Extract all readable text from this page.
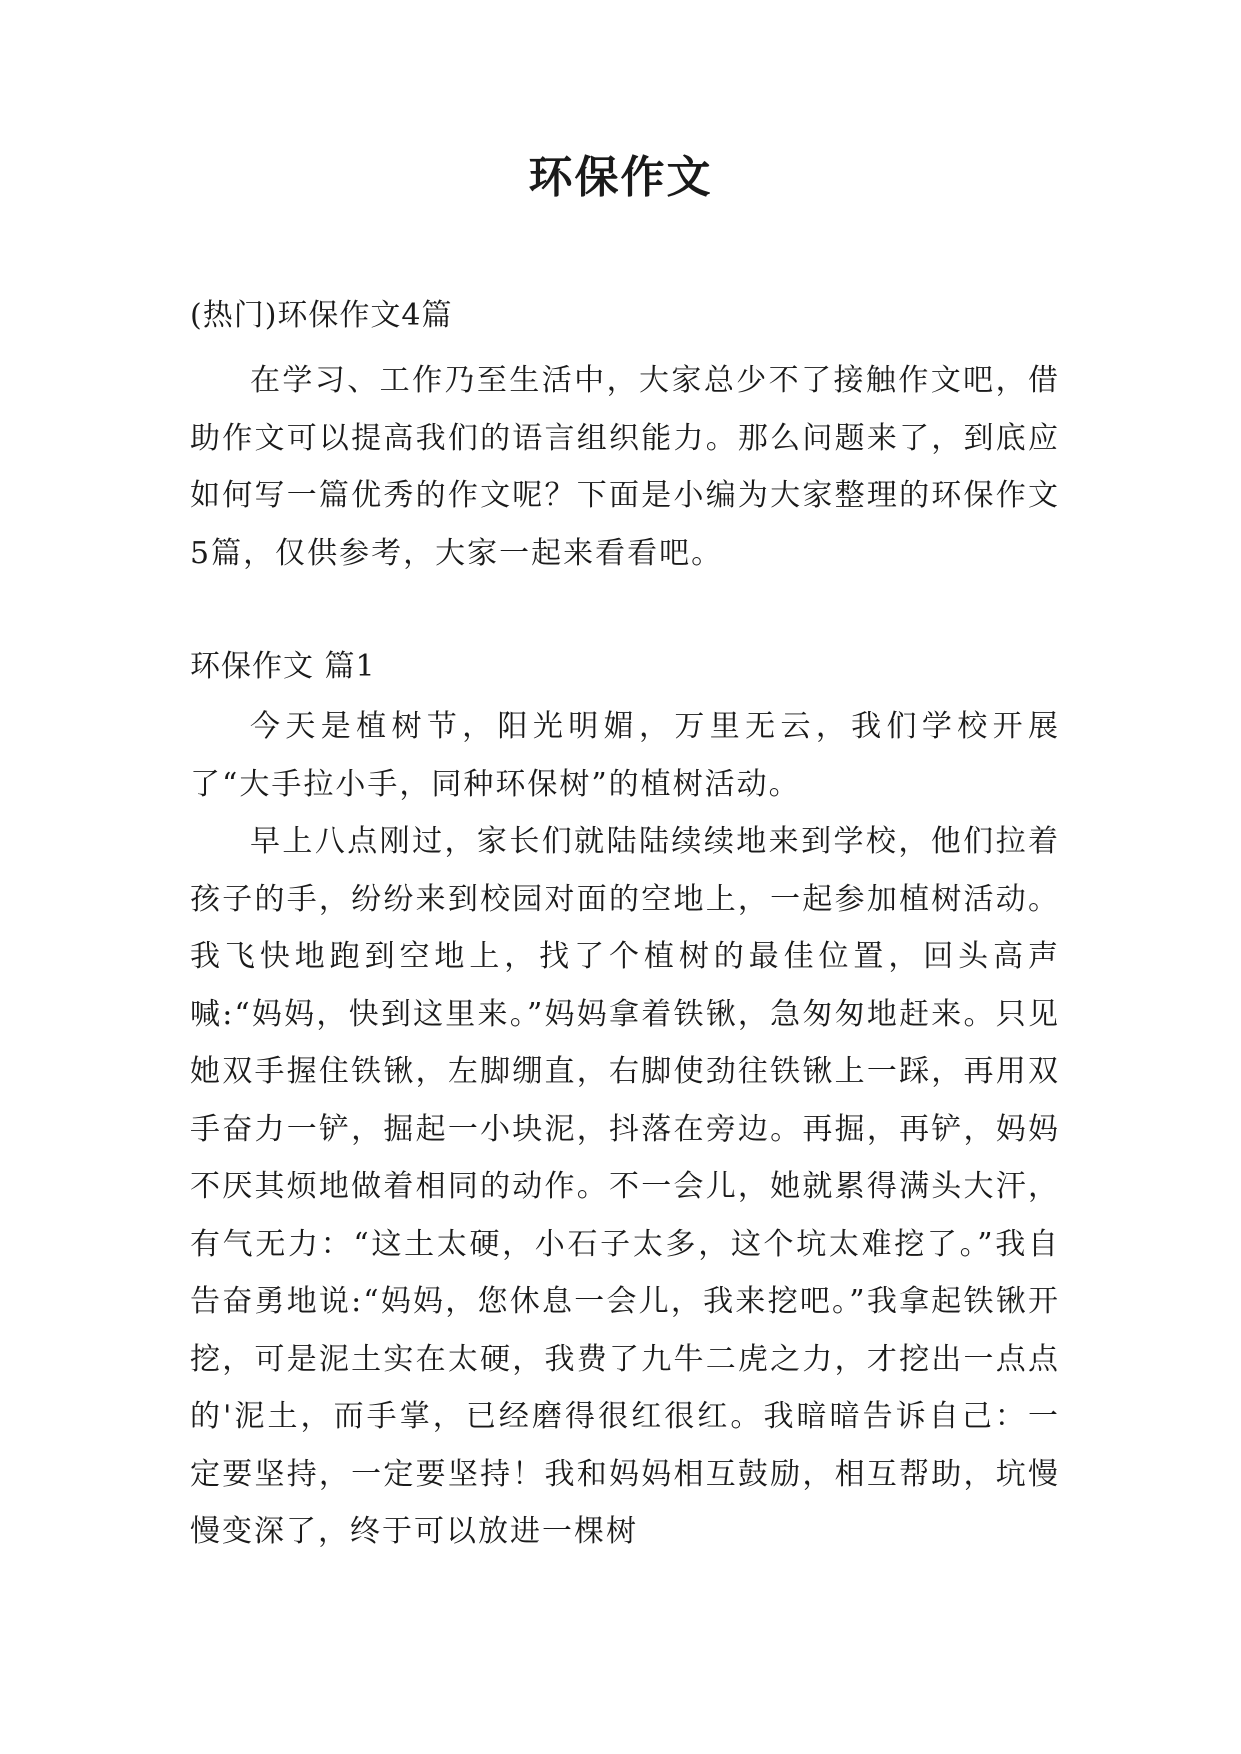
环保作文
(热门)环保作文4篇

在学习、工作乃至生活中，大家总少不了接触作文吧，借助作文可以提高我们的语言组织能力。那么问题来了，到底应如何写一篇优秀的作文呢？下面是小编为大家整理的环保作文5篇，仅供参考，大家一起来看看吧。

环保作文 篇1

今天是植树节，阳光明媚，万里无云，我们学校开展了“大手拉小手，同种环保树”的植树活动。

早上八点刚过，家长们就陆陆续续地来到学校，他们拉着孩子的手，纷纷来到校园对面的空地上，一起参加植树活动。我飞快地跑到空地上，找了个植树的最佳位置，回头高声喊:“妈妈，快到这里来。”妈妈拿着铁锹，急匆匆地赶来。只见她双手握住铁锹，左脚绷直，右脚使劲往铁锹上一踩，再用双手奋力一铲，掘起一小块泥，抖落在旁边。再掘，再铲，妈妈不厌其烦地做着相同的动作。不一会儿，她就累得满头大汗，有气无力：“这土太硬，小石子太多，这个坑太难挖了。”我自告奋勇地说:“妈妈，您休息一会儿，我来挖吧。”我拿起铁锹开挖，可是泥土实在太硬，我费了九牛二虎之力，才挖出一点点的'泥土，而手掌，已经磨得很红很红。我暗暗告诉自己：一定要坚持，一定要坚持！我和妈妈相互鼓励，相互帮助，坑慢慢变深了，终于可以放进一棵树
